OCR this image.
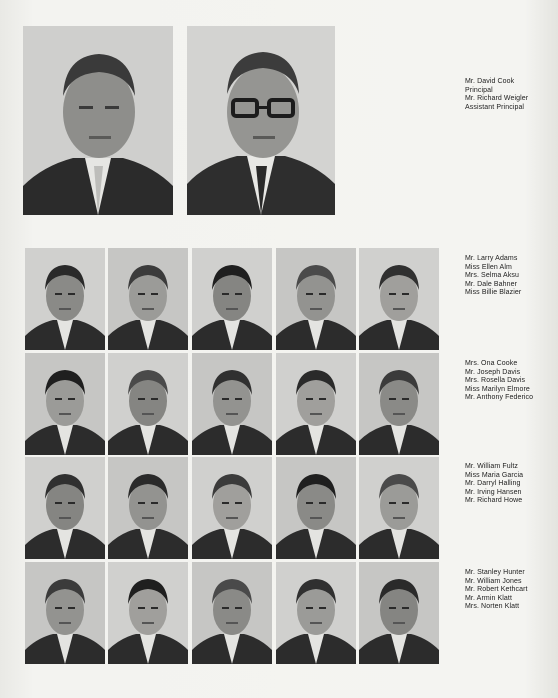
Mr. David Cook
Principal
Mr. Richard Weigler
Assistant Principal
Mr. Larry Adams
Miss Ellen Alm
Mrs. Selma Aksu
Mr. Dale Bahner
Miss Billie Blazier
Mrs. Ona Cooke
Mr. Joseph Davis
Mrs. Rosella Davis
Miss Marilyn Elmore
Mr. Anthony Federico
Mr. William Fultz
Miss Maria Garcia
Mr. Darryl Halling
Mr. Irving Hansen
Mr. Richard Howe
Mr. Stanley Hunter
Mr. William Jones
Mr. Robert Kethcart
Mr. Armin Klatt
Mrs. Norten Klatt
